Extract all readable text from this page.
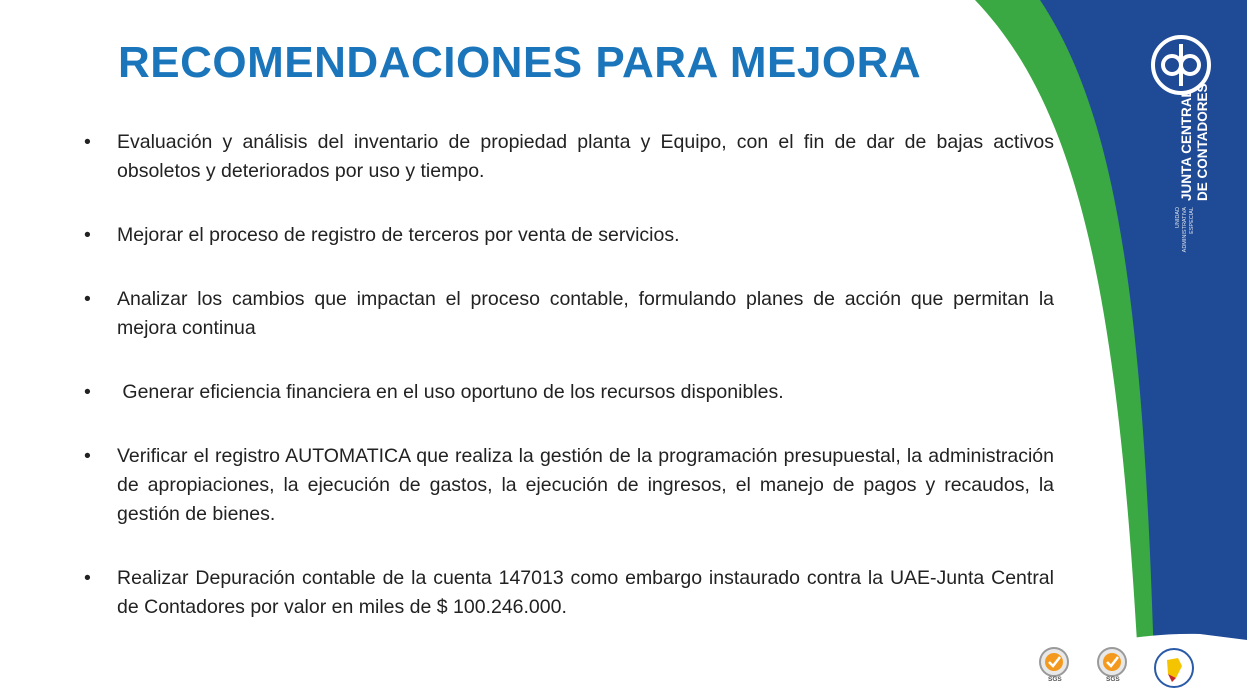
UNIDAD
ADMINISTRATIVA
ESPECIAL
JUNTA CENTRAL DE CONTADORES
RECOMENDACIONES PARA MEJORA
• Evaluación y análisis del inventario de propiedad planta y Equipo, con el fin de dar de bajas activos obsoletos y deteriorados por uso y tiempo.
• Mejorar el proceso de registro de terceros por venta de servicios.
• Analizar los cambios que impactan el proceso contable, formulando planes de acción que permitan la mejora continua
• Generar eficiencia financiera en el uso oportuno de los recursos disponibles.
• Verificar el registro AUTOMATICA que realiza la gestión de la programación presupuestal, la administración de apropiaciones, la ejecución de gastos, la ejecución de ingresos, el manejo de pagos y recaudos, la gestión de bienes.
• Realizar Depuración contable de la cuenta 147013 como embargo instaurado contra la UAE-Junta Central de Contadores por valor en miles de $ 100.246.000.
SGS	SGS
